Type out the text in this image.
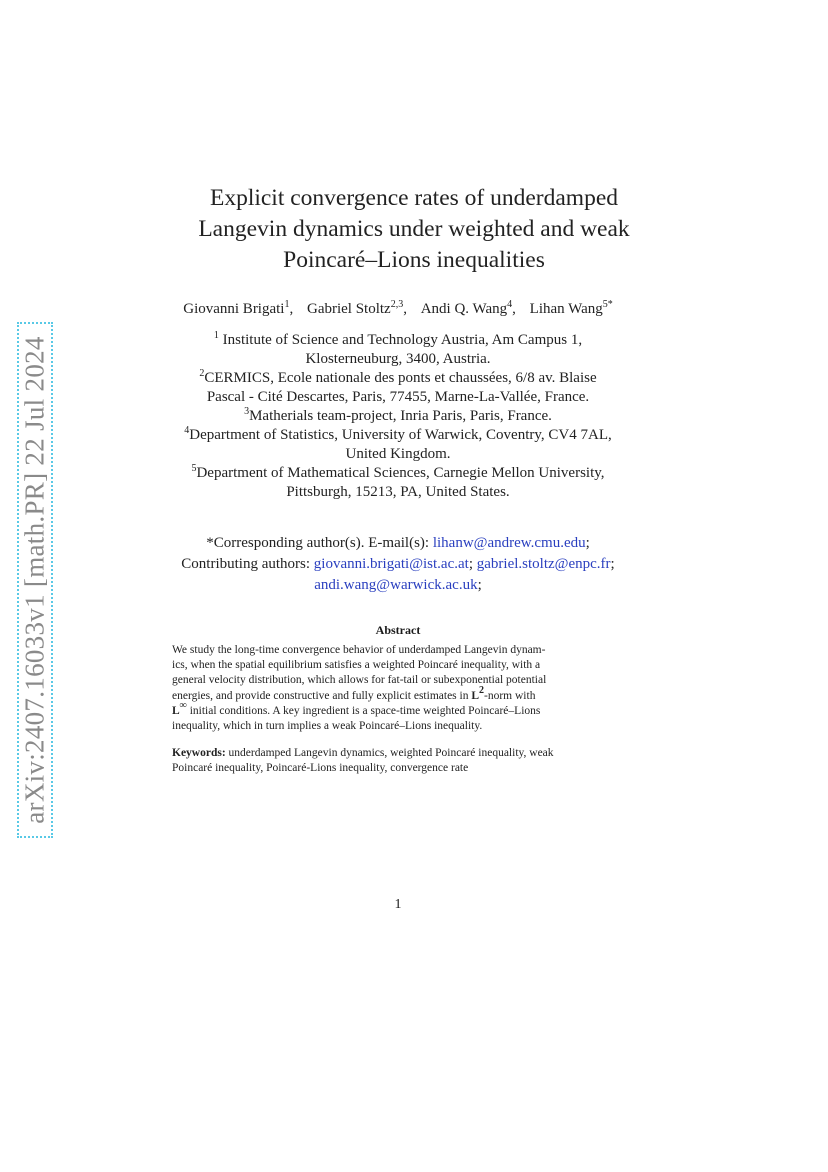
arXiv:2407.16033v1 [math.PR] 22 Jul 2024
Explicit convergence rates of underdamped
Langevin dynamics under weighted and weak
Poincaré–Lions inequalities
Giovanni Brigati$^1$, Gabriel Stoltz$^{2,3}$, Andi Q. Wang$^4$, Lihan Wang$^{5*}$
$^1$ Institute of Science and Technology Austria, Am Campus 1,
Klosterneuburg, 3400, Austria.
$^2$CERMICS, Ecole nationale des ponts et chaussées, 6/8 av. Blaise
Pascal - Cité Descartes, Paris, 77455, Marne-La-Vallée, France.
$^3$Matherials team-project, Inria Paris, Paris, France.
$^4$Department of Statistics, University of Warwick, Coventry, CV4 7AL,
United Kingdom.
$^5$Department of Mathematical Sciences, Carnegie Mellon University,
Pittsburgh, 15213, PA, United States.
*Corresponding author(s). E-mail(s): lihanw@andrew.cmu.edu;
Contributing authors: giovanni.brigati@ist.ac.at; gabriel.stoltz@enpc.fr;
andi.wang@warwick.ac.uk;
Abstract
We study the long-time convergence behavior of underdamped Langevin dynam-
ics, when the spatial equilibrium satisfies a weighted Poincaré inequality, with a
general velocity distribution, which allows for fat-tail or subexponential potential
energies, and provide constructive and fully explicit estimates in $L^2$-norm with
L∞ initial conditions. A key ingredient is a space-time weighted Poincaré–Lions
inequality, which in turn implies a weak Poincaré–Lions inequality.
Keywords: underdamped Langevin dynamics, weighted Poincaré inequality, weak
Poincaré inequality, Poincaré-Lions inequality, convergence rate
1
